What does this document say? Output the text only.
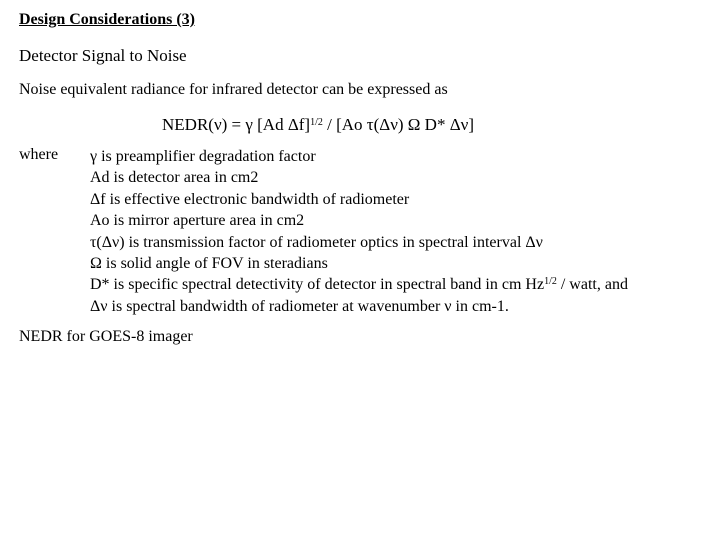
Design Considerations (3)
Detector Signal to Noise
Noise equivalent radiance for infrared detector can be expressed as
NEDR(ν) = γ [Ad Δf]$^{1/2}$ / [Ao τ(Δν) Ω D* Δν]
where γ is preamplifier degradation factor
Ad is detector area in cm2
Δf is effective electronic bandwidth of radiometer
Ao is mirror aperture area in cm2
τ(Δν) is transmission factor of radiometer optics in spectral interval Δν
Ω is solid angle of FOV in steradians
D* is specific spectral detectivity of detector in spectral band in cm $Hz^{1/2}$ / watt, and
Δν is spectral bandwidth of radiometer at wavenumber ν in cm-1.
NEDR for GOES-8 imager
